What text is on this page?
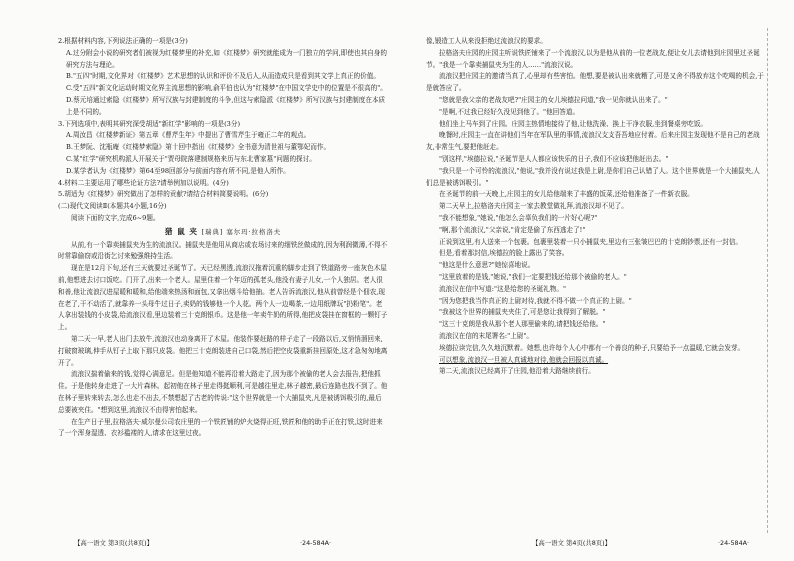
2.根据材料内容,下列说法正确的一项是(3分)

A.过分附会小说的研究者们被视为红楼梦里的补充,如《红楼梦》研究就能成为一门独立的学问,即使也其自身的研究方法与理论。

B."五四"时期,文化界对《红楼梦》艺术思想的认识和评价不及后人,从而造成只是看到其文学上真正的价值。

C.受"五四"新文化运动时期文化界主流思想的影响,俞平伯也认为"红楼梦"在中国文学史中的位置是不很高的"。

D.蔡元培通过索隐《红楼梦》所写汉族与封建制度的斗争,但这与索隐派《红楼梦》所写汉族与封建制度在本质上是不同的。

3.下列选项中,表明其研究深受胡适"新红学"影响的一项是(3分)

A.周汝昌《红楼梦新证》第五章《曹芹生年》中提出了曹雪芹生于雍正二年的观点。

B.王梦阮、沈瓶庵《红楼梦索隐》第十回中指出《红楼梦》全书意为清世祖与董鄂妃而作。

C.某"红学"研究机构派人开展关于"贾母院落建制规格来历与东北曹家墓"问题的探讨。

D.某学者认为《红楼梦》第64至98回部分与前面内容有所不同,是他人所作。

4.材料二主要运用了哪些论证方法?请举例加以说明。(4分)

5.胡适为《红楼梦》研究做出了怎样的贡献?请结合材料简要说明。(6分)

(二)现代文阅读Ⅱ(本题共4小题,16分)

阅读下面的文字,完成6~9题。

猎 鼠 夹 [瑞典] 塞尔玛·拉格洛夫

从前,有一个靠卖捕鼠夹为生的流浪汉。捕鼠夹是他用从商店或农场讨来的细铁丝做成的,因为利润微薄,不得不时常靠偷窃或沿街乞讨来勉强维持生活。

现在是12月下旬,还有三天就要过圣诞节了。天已经黑透,流浪汉拖着沉重的脚步走到了铁道路旁一座灰色木屋前,他想进去讨口饭吃。门开了,出来一个老人。屋里住着一个年迈的孤老头,他没有妻子儿女,一个人独居。老人很和善,他让流浪汉进屋暖和暖和,给他端来热汤和面包,又拿出烟斗给他抽。老人告诉流浪汉,他从前曾经是个佃农,现在老了,干不动活了,就靠养一头母牛过日子,卖奶的钱够他一个人花。两个人一边喝茶,一边用纸牌玩"扔粉笔"。老人拿出装钱的小皮袋,给流浪汉看,里边装着三十克朗银币。这是他一年卖牛奶的所得,他把皮袋挂在窗框的一颗钉子上。

第二天一早,老人出门去放牛,流浪汉也动身离开了木屋。他装作要赶路的样子走了一段路以后,又悄悄溜回来,打破窗玻璃,伸手从钉子上取下那只皮袋。他把三十克朗装进自己口袋,然后把空皮袋重新挂回原处,这才急匆匆地离开了。

流浪汉揣着偷来的钱,觉得心满意足。但是他知道不能再沿着大路走了,因为那个被偷的老人会去报告,把他抓住。于是他转身走进了一大片森林。起初他在林子里走得挺顺利,可是越往里走,林子越密,最后连路也找不到了。他在林子里转来转去,怎么也走不出去,不禁想起了古老的传说:"这个世界就是一个大捕鼠夹,凡是被诱饵吸引的,最后总要被夹住。"想到这里,流浪汉不由得害怕起来。

在生产日子里,拉格洛夫·威尔曼公司农庄里的一个铁匠铺的炉火烧得正旺,铁匠和他的助手正在打铁,这时进来了一个浑身湿透、衣衫褴褛的人,请求在这里过夜。

像,锻造工人从来没拒绝过流浪汉的要求。

拉格洛夫庄园的庄园主听说铁匠铺来了一个流浪汉,以为是他从前的一位老战友,便让女儿去请他到庄园里过圣诞节。"我是一个靠卖捕鼠夹为生的人……"流浪汉说。

流浪汉把庄园主的邀请当真了,心里却有些害怕。他想,要是被认出来就糟了,可是又舍不得放弃这个吃喝的机会,于是就答应了。

"您就是我父亲的老战友吧?"庄园主的女儿埃德拉问道,"我一见你就认出来了。"

"是啊,不过我已经好久没见到他了。"他回答道。

他们坐上马车到了庄园。庄园主热情地接待了他,让他洗澡、换上干净衣服,坐到餐桌旁吃饭。

晚餐时,庄园主一直在讲他们当年在军队里的事情,流浪汉支支吾吾地应付着。后来庄园主发现他不是自己的老战友,非常生气,要把他赶走。

"别这样,"埃德拉说,"圣诞节是人人都应该快乐的日子,我们不应该把他赶出去。"

"我只是一个可怜的流浪汉,"他说,"我并没有说过我是上尉,是你们自己认错了人。这个世界就是一个大捕鼠夹,人们总是被诱饵吸引。"

在圣诞节的前一天晚上,庄园主的女儿给他端来了丰盛的饭菜,还给他准备了一件新衣服。

第二天早上,拉格洛夫庄园主一家去教堂做礼拜,流浪汉却不见了。

"我不能想象,"她说,"他怎么会辜负我们的一片好心呢?"

"啊,那个流浪汉,"父亲说,"肯定是偷了东西逃走了!"

正说到这里,有人送来一个包裹。包裹里装着一只小捕鼠夹,里边有三张皱巴巴的十克朗钞票,还有一封信。

但是,看着那封信,埃德拉的脸上露出了笑容。

"他这是什么意思?"她惊喜地说。

"这里放着的是钱,"她说,"我们一定要把钱还给那个被偷的老人。"

流浪汉在信中写道:"这是给您的圣诞礼物。"

"因为您把我当作真正的上尉对待,我就不得不做一个真正的上尉。"

"我被这个世界的捕鼠夹夹住了,可是您让我得到了解脱。"

"这三十克朗是我从那个老人那里偷来的,请把钱还给他。"

流浪汉在信的末尾署名:"上尉"。

埃德拉读完信,久久地沉默着。她想,也许每个人心中都有一个善良的种子,只要给予一点温暖,它就会发芽。

可以想象,流浪汉一旦被人真诚地对待,他就会回报以真诚。

第二天,流浪汉已经离开了庄园,他沿着大路继续前行。

【高一语文 第3页(共8页)】	·24-584A·	【高一语文 第4页(共8页)】	·24-584A·
